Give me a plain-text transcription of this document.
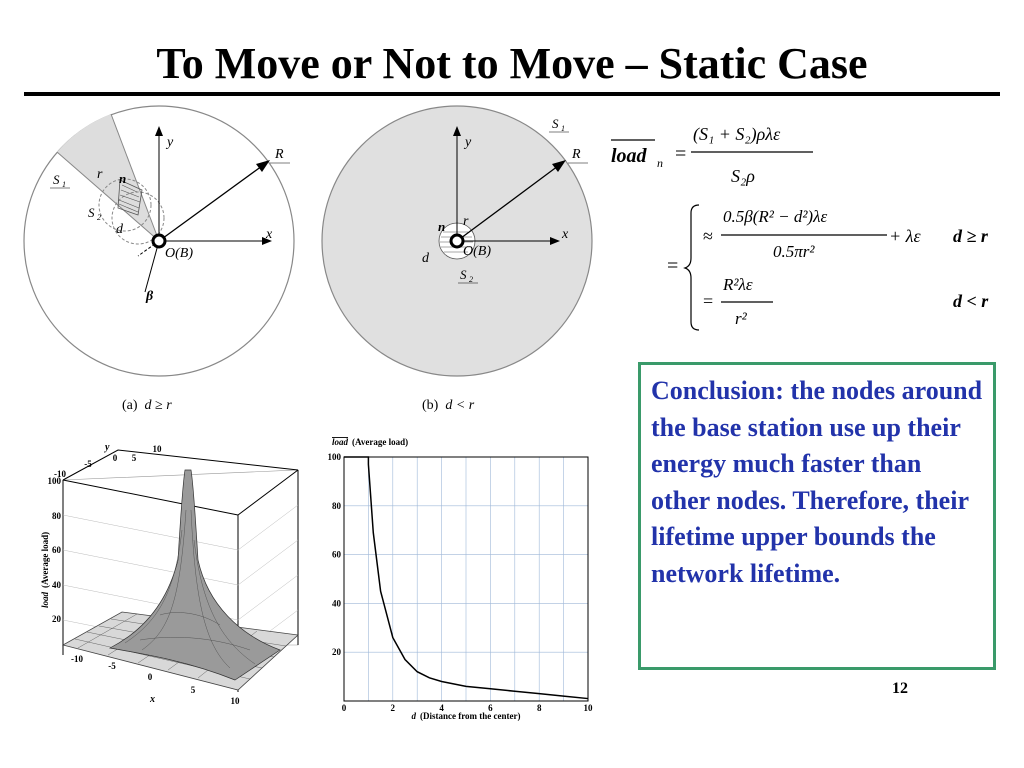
To Move or Not to Move – Static Case
y
x
R
S 1
S 2
r n
d
O(B)
β
(a) d ≥ r
y
x
R
S 1
r
n
d O(B)
S 2
(b) d < r
load n =
(S₁ + S₂)ρλε
S₂ρ
=
≈
0.5β(R² − d²)λε
0.5πr²
+ λε d ≥ r
=
R²λε
r²
d < r
y
x
load(Average load)
100
80
60
40
20
-10
-5
0 5
10
-10
-5
0
5
10
20
40
60
80
100
0	2	4	6	8	10
load (Average load)
d (Distance from the center)
Conclusion: the nodes around the base station use up their energy much faster than other nodes. Therefore, their lifetime upper bounds the network lifetime.
12
